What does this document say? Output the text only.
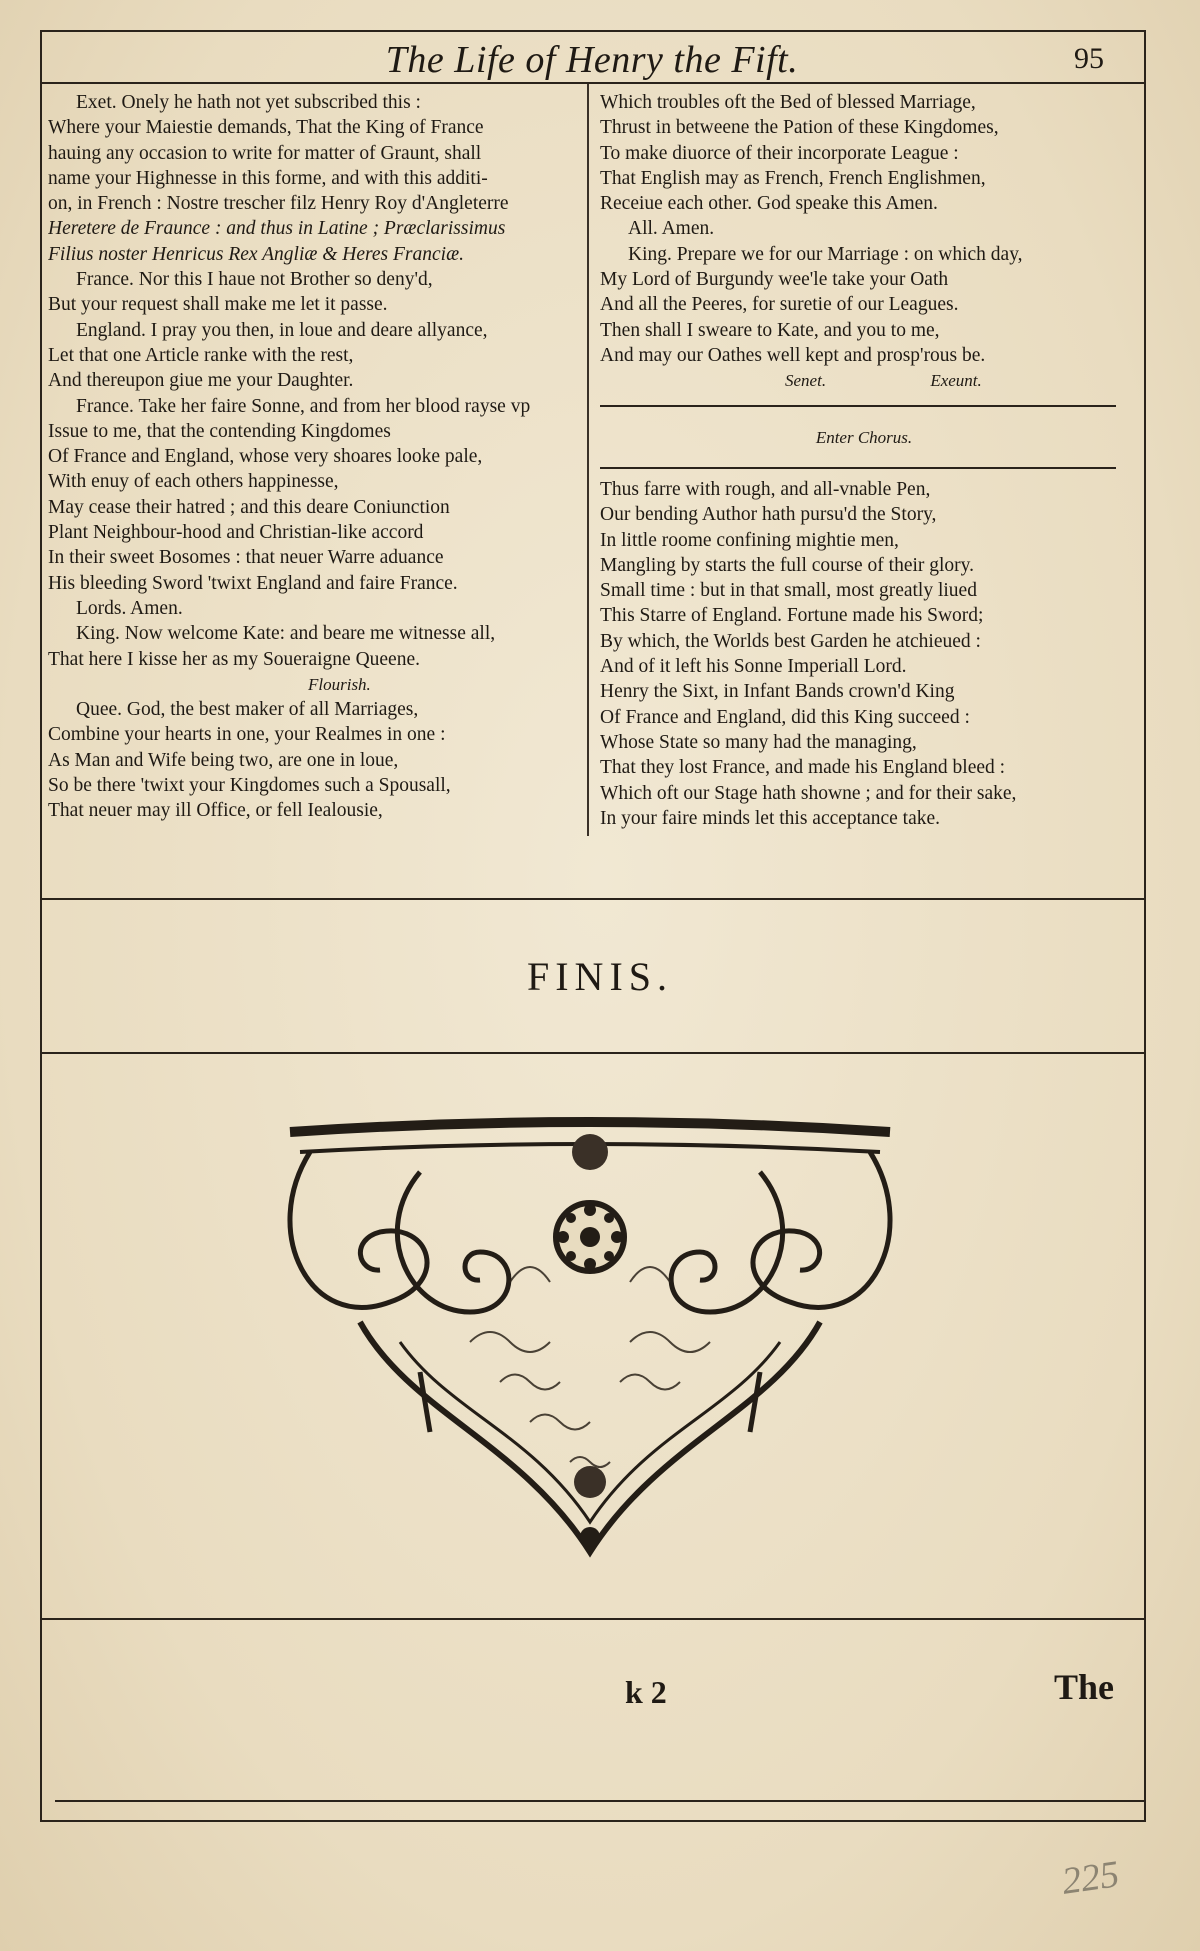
The Life of Henry the Fift.	95
Exet. Onely he hath not yet subscribed this :
Where your Maiestie demands, That the King of France
hauing any occasion to write for matter of Graunt, shall
name your Highnesse in this forme, and with this additi-
on, in French : Nostre trescher filz Henry Roy d'Angleterre
Heretere de Fraunce : and thus in Latine ; Præclarissimus
Filius noster Henricus Rex Angliæ & Heres Franciæ.
France. Nor this I haue not Brother so deny'd,
But your request shall make me let it passe.
England. I pray you then, in loue and deare allyance,
Let that one Article ranke with the rest,
And thereupon giue me your Daughter.
France. Take her faire Sonne, and from her blood rayse vp
Issue to me, that the contending Kingdomes
Of France and England, whose very shoares looke pale,
With enuy of each others happinesse,
May cease their hatred ; and this deare Coniunction
Plant Neighbour-hood and Christian-like accord
In their sweet Bosomes : that neuer Warre aduance
His bleeding Sword 'twixt England and faire France.
Lords. Amen.
King. Now welcome Kate: and beare me witnesse all,
That here I kisse her as my Soueraigne Queene.
Flourish.
Quee. God, the best maker of all Marriages,
Combine your hearts in one, your Realmes in one :
As Man and Wife being two, are one in loue,
So be there 'twixt your Kingdomes such a Spousall,
That neuer may ill Office, or fell Iealousie,
Which troubles oft the Bed of blessed Marriage,
Thrust in betweene the Pation of these Kingdomes,
To make diuorce of their incorporate League :
That English may as French, French Englishmen,
Receiue each other. God speake this Amen.
All. Amen.
King. Prepare we for our Marriage : on which day,
My Lord of Burgundy wee'le take your Oath
And all the Peeres, for suretie of our Leagues.
Then shall I sweare to Kate, and you to me,
And may our Oathes well kept and prosp'rous be.
Senet.	Exeunt.
Enter Chorus.
Thus farre with rough, and all-vnable Pen,
Our bending Author hath pursu'd the Story,
In little roome confining mightie men,
Mangling by starts the full course of their glory.
Small time : but in that small, most greatly liued
This Starre of England. Fortune made his Sword;
By which, the Worlds best Garden he atchieued :
And of it left his Sonne Imperiall Lord.
Henry the Sixt, in Infant Bands crown'd King
Of France and England, did this King succeed :
Whose State so many had the managing,
That they lost France, and made his England bleed :
Which oft our Stage hath showne ; and for their sake,
In your faire minds let this acceptance take.
FINIS.
k 2	The
225
